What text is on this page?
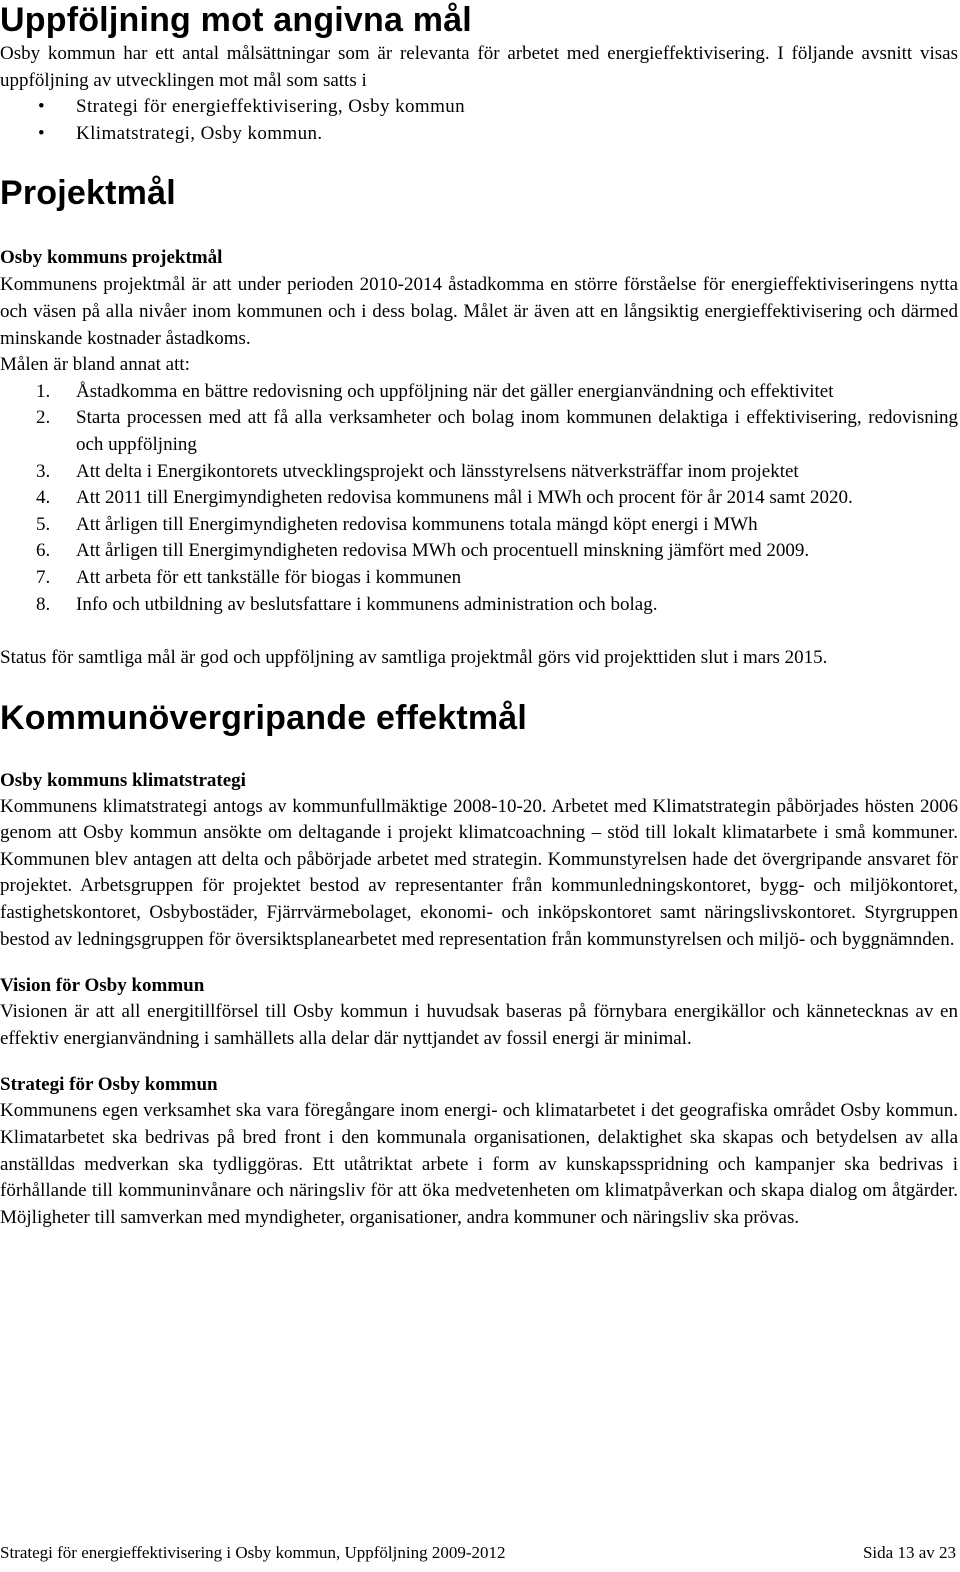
Uppföljning mot angivna mål

Osby kommun har ett antal målsättningar som är relevanta för arbetet med energieffektivisering. I följande avsnitt visas uppföljning av utvecklingen mot mål som satts i

• Strategi för energieffektivisering, Osby kommun
• Klimatstrategi, Osby kommun.
Projektmål
Osby kommuns projektmål

Kommunens projektmål är att under perioden 2010-2014 åstadkomma en större förståelse för energieffektiviseringens nytta och väsen på alla nivåer inom kommunen och i dess bolag. Målet är även att en långsiktig energieffektivisering och därmed minskande kostnader åstadkoms.

Målen är bland annat att:

1. Åstadkomma en bättre redovisning och uppföljning när det gäller energianvändning och effektivitet
2. Starta processen med att få alla verksamheter och bolag inom kommunen delaktiga i effektivisering, redovisning och uppföljning
3. Att delta i Energikontorets utvecklingsprojekt och länsstyrelsens nätverksträffar inom projektet
4. Att 2011 till Energimyndigheten redovisa kommunens mål i MWh och procent för år 2014 samt 2020.
5. Att årligen till Energimyndigheten redovisa kommunens totala mängd köpt energi i MWh
6. Att årligen till Energimyndigheten redovisa MWh och procentuell minskning jämfört med 2009.
7. Att arbeta för ett tankställe för biogas i kommunen
8. Info och utbildning av beslutsfattare i kommunens administration och bolag.

Status för samtliga mål är god och uppföljning av samtliga projektmål görs vid projekttiden slut i mars 2015.

Kommunövergripande effektmål
Osby kommuns klimatstrategi

Kommunens klimatstrategi antogs av kommunfullmäktige 2008-10-20. Arbetet med Klimatstrategin påbörjades hösten 2006 genom att Osby kommun ansökte om deltagande i projekt klimatcoachning – stöd till lokalt klimatarbete i små kommuner. Kommunen blev antagen att delta och påbörjade arbetet med strategin. Kommunstyrelsen hade det övergripande ansvaret för projektet. Arbetsgruppen för projektet bestod av representanter från kommunledningskontoret, bygg- och miljökontoret, fastighetskontoret, Osbybostäder, Fjärrvärmebolaget, ekonomi- och inköpskontoret samt näringslivskontoret. Styrgruppen bestod av ledningsgruppen för översiktsplanearbetet med representation från kommunstyrelsen och miljö- och byggnämnden.

Vision för Osby kommun

Visionen är att all energitillförsel till Osby kommun i huvudsak baseras på förnybara energikällor och kännetecknas av en effektiv energianvändning i samhällets alla delar där nyttjandet av fossil energi är minimal.

Strategi för Osby kommun

Kommunens egen verksamhet ska vara föregångare inom energi- och klimatarbetet i det geografiska området Osby kommun. Klimatarbetet ska bedrivas på bred front i den kommunala organisationen, delaktighet ska skapas och betydelsen av alla anställdas medverkan ska tydliggöras. Ett utåtriktat arbete i form av kunskapsspridning och kampanjer ska bedrivas i förhållande till kommuninvånare och näringsliv för att öka medvetenheten om klimatpåverkan och skapa dialog om åtgärder. Möjligheter till samverkan med myndigheter, organisationer, andra kommuner och näringsliv ska prövas.

Strategi för energieffektivisering i Osby kommun, Uppföljning 2009-2012	Sida 13 av 23
